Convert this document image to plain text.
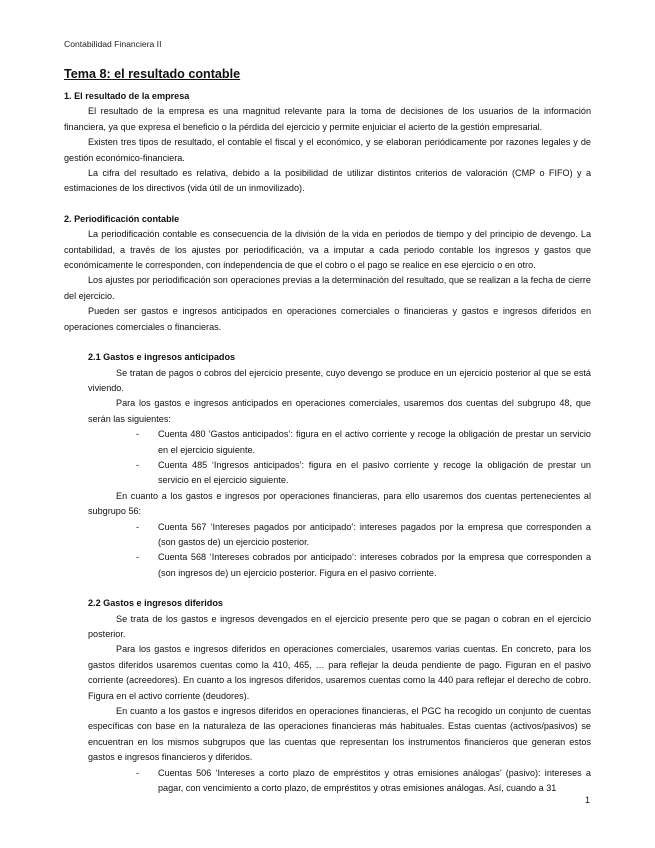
Contabilidad Financiera II
Tema 8: el resultado contable

1. El resultado de la empresa

El resultado de la empresa es una magnitud relevante para la toma de decisiones de los usuarios de la información financiera, ya que expresa el beneficio o la pérdida del ejercicio y permite enjuiciar el acierto de la gestión empresarial.

Existen tres tipos de resultado, el contable el fiscal y el económico, y se elaboran periódicamente por razones legales y de gestión económico-financiera.

La cifra del resultado es relativa, debido a la posibilidad de utilizar distintos criterios de valoración (CMP o FIFO) y a estimaciones de los directivos (vida útil de un inmovilizado).

2. Periodificación contable

La periodificación contable es consecuencia de la división de la vida en periodos de tiempo y del principio de devengo. La contabilidad, a través de los ajustes por periodificación, va a imputar a cada periodo contable los ingresos y gastos que económicamente le corresponden, con independencia de que el cobro o el pago se realice en ese ejercicio o en otro.

Los ajustes por periodificación son operaciones previas a la determinación del resultado, que se realizan a la fecha de cierre del ejercicio.

Pueden ser gastos e ingresos anticipados en operaciones comerciales o financieras y gastos e ingresos diferidos en operaciones comerciales o financieras.

2.1 Gastos e ingresos anticipados

Se tratan de pagos o cobros del ejercicio presente, cuyo devengo se produce en un ejercicio posterior al que se está viviendo.

Para los gastos e ingresos anticipados en operaciones comerciales, usaremos dos cuentas del subgrupo 48, que serán las siguientes:

- Cuenta 480 ‘Gastos anticipados’: figura en el activo corriente y recoge la obligación de prestar un servicio en el ejercicio siguiente.
- Cuenta 485 ‘Ingresos anticipados’: figura en el pasivo corriente y recoge la obligación de prestar un servicio en el ejercicio siguiente.

En cuanto a los gastos e ingresos por operaciones financieras, para ello usaremos dos cuentas pertenecientes al subgrupo 56:

- Cuenta 567 ‘Intereses pagados por anticipado’: intereses pagados por la empresa que corresponden a (son gastos de) un ejercicio posterior.
- Cuenta 568 ‘Intereses cobrados por anticipado’: intereses cobrados por la empresa que corresponden a (son ingresos de) un ejercicio posterior. Figura en el pasivo corriente.

2.2 Gastos e ingresos diferidos

Se trata de los gastos e ingresos devengados en el ejercicio presente pero que se pagan o cobran en el ejercicio posterior.

Para los gastos e ingresos diferidos en operaciones comerciales, usaremos varias cuentas. En concreto, para los gastos diferidos usaremos cuentas como la 410, 465, … para reflejar la deuda pendiente de pago. Figuran en el pasivo corriente (acreedores). En cuanto a los ingresos diferidos, usaremos cuentas como la 440 para reflejar el derecho de cobro. Figura en el activo corriente (deudores).

En cuanto a los gastos e ingresos diferidos en operaciones financieras, el PGC ha recogido un conjunto de cuentas específicas con base en la naturaleza de las operaciones financieras más habituales. Estas cuentas (activos/pasivos) se encuentran en los mismos subgrupos que las cuentas que representan los instrumentos financieros que generan estos gastos e ingresos financieros y diferidos.

- Cuentas 506 ‘Intereses a corto plazo de empréstitos y otras emisiones análogas’ (pasivo): intereses a pagar, con vencimiento a corto plazo, de empréstitos y otras emisiones análogas. Así, cuando a 31
1
